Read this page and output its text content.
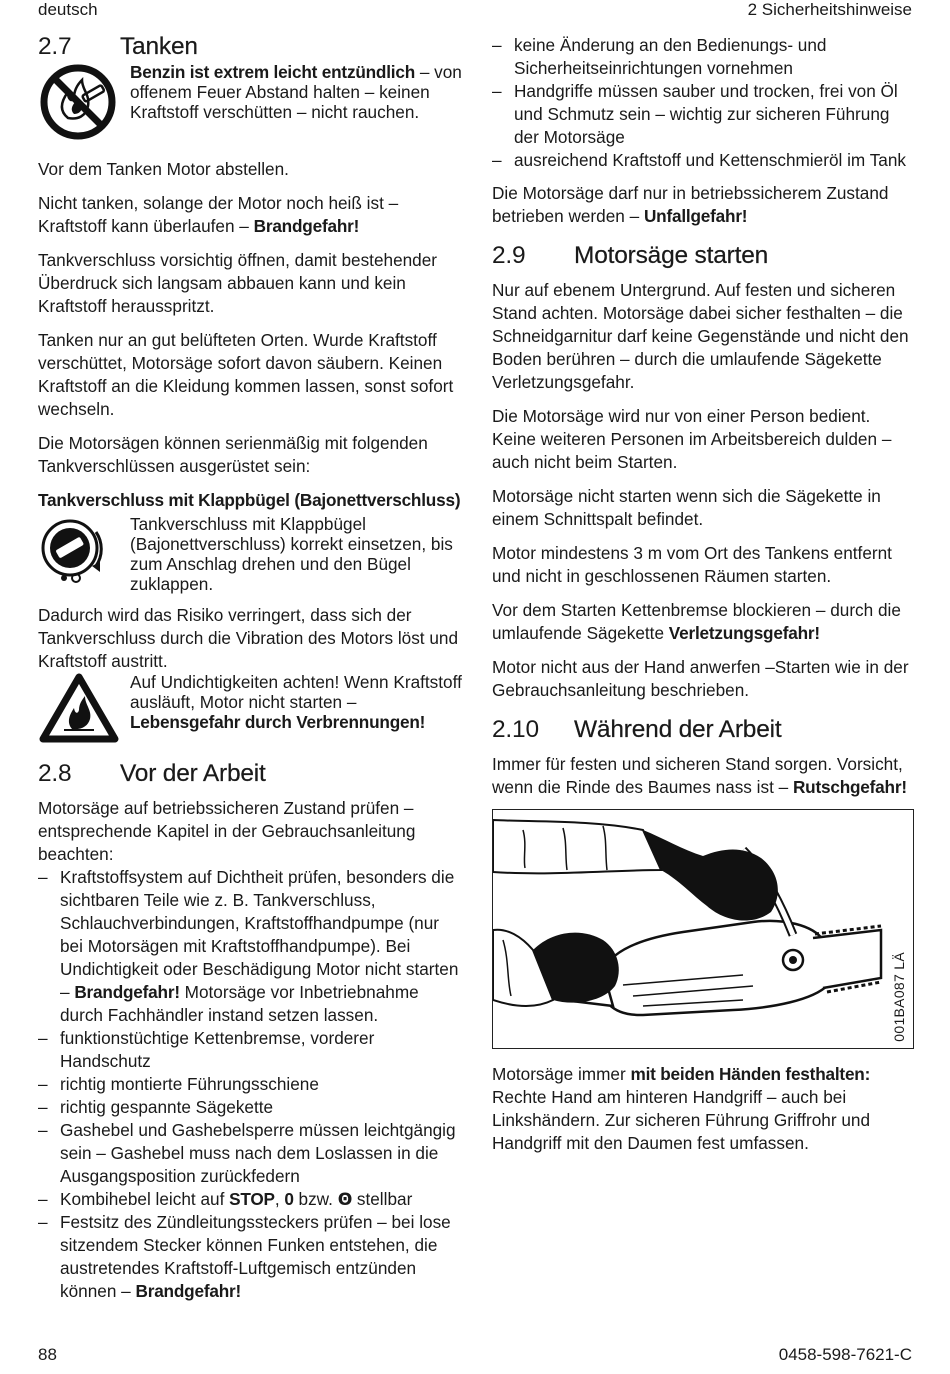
deutsch	2 Sicherheitshinweise
2.7	Tanken
Benzin ist extrem leicht entzündlich – von offenem Feuer Abstand halten – keinen Kraftstoff verschütten – nicht rauchen.

Vor dem Tanken Motor abstellen.

Nicht tanken, solange der Motor noch heiß ist – Kraftstoff kann überlaufen – Brandgefahr!

Tankverschluss vorsichtig öffnen, damit bestehender Überdruck sich langsam abbauen kann und kein Kraftstoff herausspritzt.

Tanken nur an gut belüfteten Orten. Wurde Kraftstoff verschüttet, Motorsäge sofort davon säubern. Keinen Kraftstoff an die Kleidung kommen lassen, sonst sofort wechseln.

Die Motorsägen können serienmäßig mit folgenden Tankverschlüssen ausgerüstet sein:

Tankverschluss mit Klappbügel (Bajonettverschluss)
Tankverschluss mit Klappbügel (Bajonettverschluss) korrekt einsetzen, bis zum Anschlag drehen und den Bügel zuklappen.

Dadurch wird das Risiko verringert, dass sich der Tankverschluss durch die Vibration des Motors löst und Kraftstoff austritt.

Auf Undichtigkeiten achten! Wenn Kraftstoff ausläuft, Motor nicht starten – Lebensgefahr durch Verbrennungen!
2.8	Vor der Arbeit

Motorsäge auf betriebssicheren Zustand prüfen – entsprechende Kapitel in der Gebrauchsanleitung beachten:

– Kraftstoffsystem auf Dichtheit prüfen, besonders die sichtbaren Teile wie z. B. Tankverschluss, Schlauchverbindungen, Kraftstoffhandpumpe (nur bei Motorsägen mit Kraftstoffhandpumpe). Bei Undichtigkeit oder Beschädigung Motor nicht starten – Brandgefahr! Motorsäge vor Inbetriebnahme durch Fachhändler instand setzen lassen.
– funktionstüchtige Kettenbremse, vorderer Handschutz
– richtig montierte Führungsschiene
– richtig gespannte Sägekette
– Gashebel und Gashebelsperre müssen leichtgängig sein – Gashebel muss nach dem Loslassen in die Ausgangsposition zurückfedern
– Kombihebel leicht auf STOP, 0 bzw. Ꙩ stellbar
– Festsitz des Zündleitungssteckers prüfen – bei lose sitzendem Stecker können Funken entstehen, die austretendes Kraftstoff-Luftgemisch entzünden können – Brandgefahr!
– keine Änderung an den Bedienungs- und Sicherheitseinrichtungen vornehmen
– Handgriffe müssen sauber und trocken, frei von Öl und Schmutz sein – wichtig zur sicheren Führung der Motorsäge
– ausreichend Kraftstoff und Kettenschmieröl im Tank

Die Motorsäge darf nur in betriebssicherem Zustand betrieben werden – Unfallgefahr!

2.9	Motorsäge starten

Nur auf ebenem Untergrund. Auf festen und sicheren Stand achten. Motorsäge dabei sicher festhalten – die Schneidgarnitur darf keine Gegenstände und nicht den Boden berühren – durch die umlaufende Sägekette Verletzungsgefahr.

Die Motorsäge wird nur von einer Person bedient. Keine weiteren Personen im Arbeitsbereich dulden – auch nicht beim Starten.

Motorsäge nicht starten wenn sich die Sägekette in einem Schnittspalt befindet.

Motor mindestens 3 m vom Ort des Tankens entfernt und nicht in geschlossenen Räumen starten.

Vor dem Starten Kettenbremse blockieren – durch die umlaufende Sägekette Verletzungsgefahr!

Motor nicht aus der Hand anwerfen –Starten wie in der Gebrauchsanleitung beschrieben.

2.10	Während der Arbeit

Immer für festen und sicheren Stand sorgen. Vorsicht, wenn die Rinde des Baumes nass ist – Rutschgefahr!

001BA087 LÄ

Motorsäge immer mit beiden Händen festhalten: Rechte Hand am hinteren Handgriff – auch bei Linkshändern. Zur sicheren Führung Griffrohr und Handgriff mit den Daumen fest umfassen.

88	0458-598-7621-C
